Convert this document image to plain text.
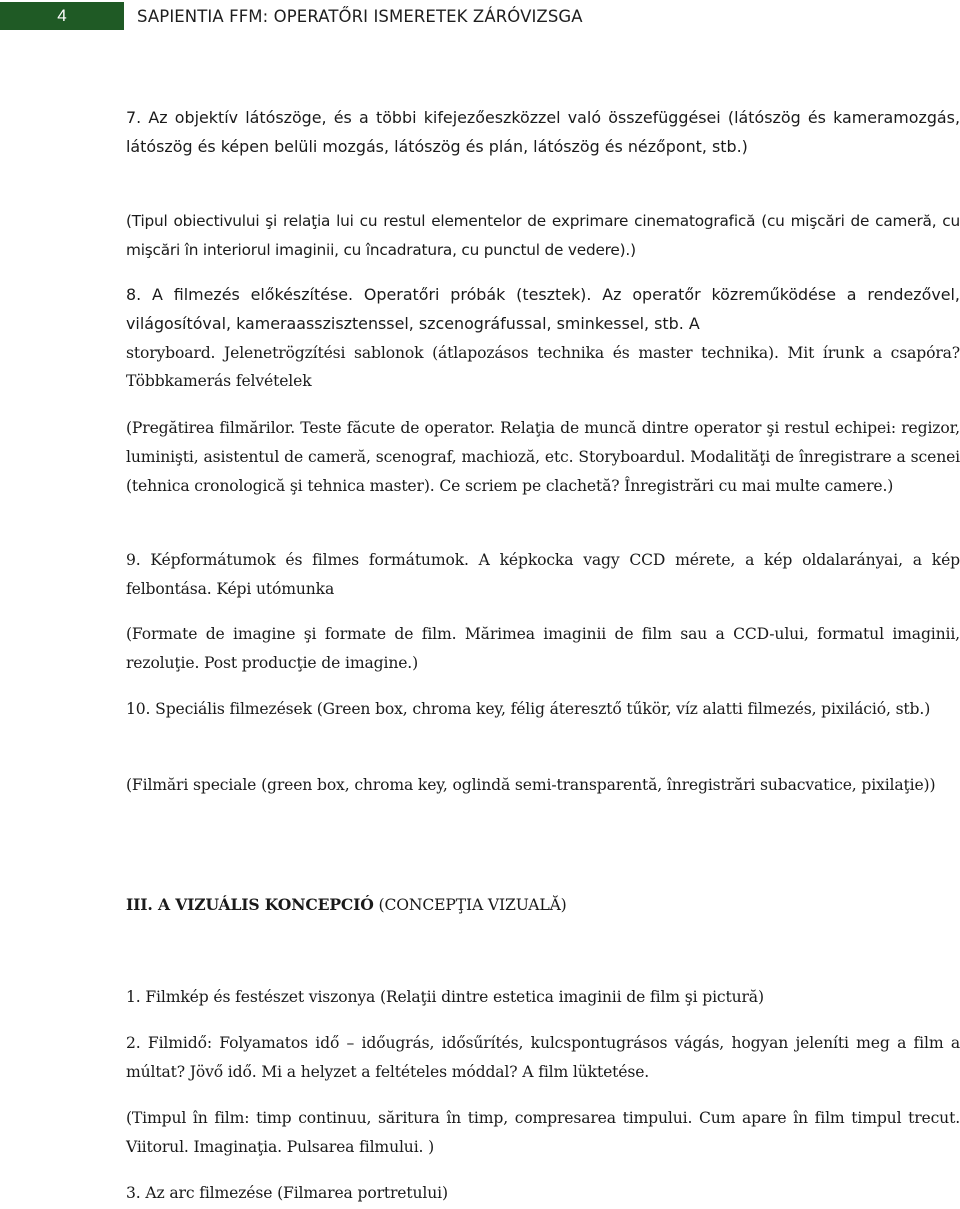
4	SAPIENTIA FFM: OPERATŐRI ISMERETEK ZÁRÓVIZSGA

7. Az objektív látószöge, és a többi kifejezőeszközzel való összefüggései (látószög és kameramozgás, látószög és képen belüli mozgás, látószög és plán, látószög és nézőpont, stb.)

(Tipul obiectivului şi relaţia lui cu restul elementelor de exprimare cinematografică (cu mişcări de cameră, cu mişcări în interiorul imaginii, cu încadratura, cu punctul de vedere).)

8. A filmezés előkészítése. Operatőri próbák (tesztek). Az operatőr közreműködése a rendezővel, világosítóval, kameraasszisztenssel, szcenográfussal, sminkessel, stb. A

storyboard. Jelenetrögzítési sablonok (átlapozásos technika és master technika). Mit írunk a csapóra? Többkamerás felvételek

(Pregătirea filmărilor. Teste făcute de operator. Relaţia de muncă dintre operator şi restul echipei: regizor, luminişti, asistentul de cameră, scenograf, machioză, etc. Storyboardul. Modalităţi de înregistrare a scenei (tehnica cronologică şi tehnica master). Ce scriem pe clachetă? Înregistrări cu mai multe camere.)

9. Képformátumok és filmes formátumok. A képkocka vagy CCD mérete, a kép oldalarányai, a kép felbontása. Képi utómunka

(Formate de imagine şi formate de film. Mărimea imaginii de film sau a CCD-ului, formatul imaginii, rezoluţie. Post producţie de imagine.)

10. Speciális filmezések (Green box, chroma key, félig áteresztő tűkör, víz alatti filmezés, pixiláció, stb.)

(Filmări speciale (green box, chroma key, oglindă semi-transparentă, înregistrări subacvatice, pixilaţie))

III. A VIZUÁLIS KONCEPCIÓ (CONCEPŢIA VIZUALĂ)

1. Filmkép és festészet viszonya (Relaţii dintre estetica imaginii de film şi pictură)

2. Filmidő: Folyamatos idő – időugrás, idősűrítés, kulcspontugrásos vágás, hogyan jeleníti meg a film a múltat? Jövő idő. Mi a helyzet a feltételes móddal? A film lüktetése.

(Timpul în film: timp continuu, săritura în timp, compresarea timpului. Cum apare în film timpul trecut. Viitorul. Imaginaţia. Pulsarea filmului. )

3. Az arc filmezése (Filmarea portretului)
